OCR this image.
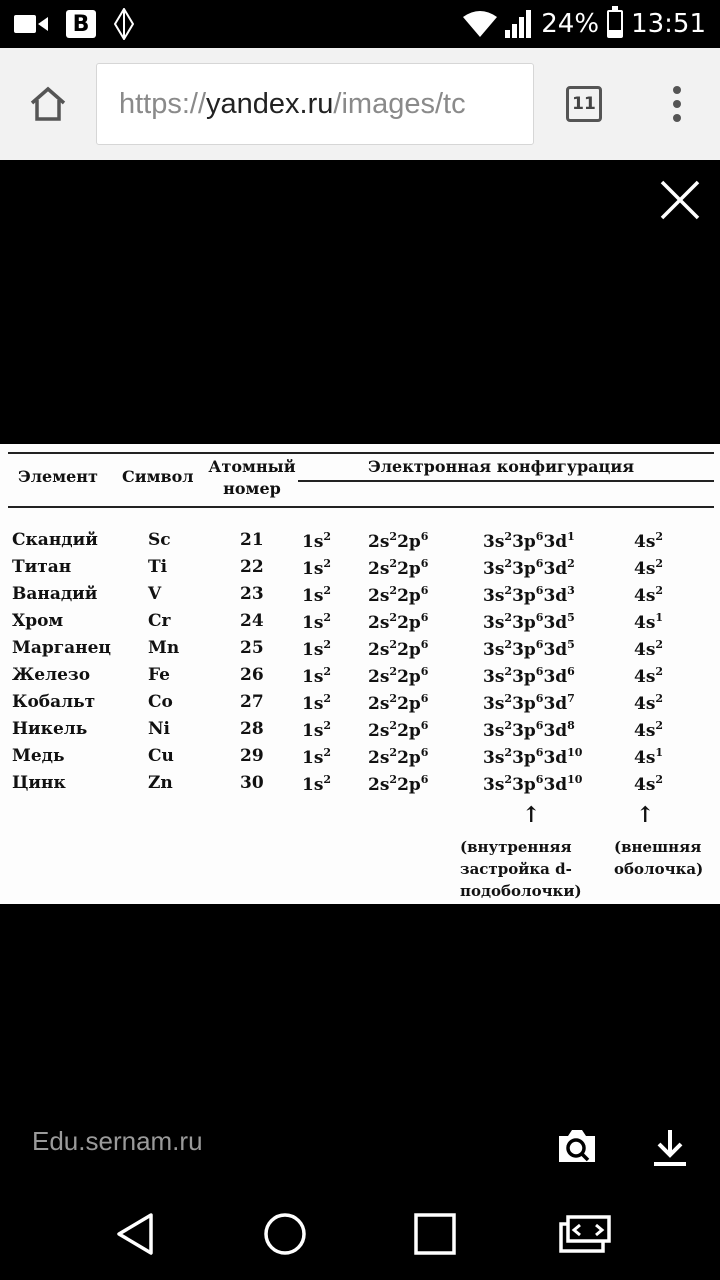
B	24% 13:51
https:// yandex.ru /images/tc	11
Элемент Символ
Атомный
номер
Электронная конфигурация
Скандий	Sc	21 $1s^2$ $2s^22p^6$	$3s^23p^63d^1$	$4s^2$
Титан	Ti	22 $1s^2$ $2s^22p^6$	$3s^23p^63d^2$	$4s^2$
Ванадий	V	23 $1s^2$ $2s^22p^6$	$3s^23p^63d^3$	$4s^2$
Хром	Cr	24 $1s^2$ $2s^22p^6$	$3s^23p^63d^5$	$4s^1$
Марганец Mn	25 $1s^2$ $2s^22p^6$	$3s^23p^63d^5$	$4s^2$
Железо	Fe	26 $1s^2$ $2s^22p^6$	$3s^23p^63d^6$	$4s^2$
Кобальт	Co	27 $1s^2$ $2s^22p^6$	$3s^23p^63d^7$	$4s^2$
Никель	Ni	28 $1s^2$ $2s^22p^6$	$3s^23p^63d^8$	$4s^2$
Медь	Cu	29 $1s^2$ $2s^22p^6$	$3s^23p^63d^{10}$	$4s^1$
Цинк	Zn	30 $1s^2$ $2s^22p^6$	$3s^23p^63d^{10}$	$4s^2$
↑	↑
(внутренняя
застройка d-
подоболочки)
(внешняя
оболочка)
Edu.sernam.ru
